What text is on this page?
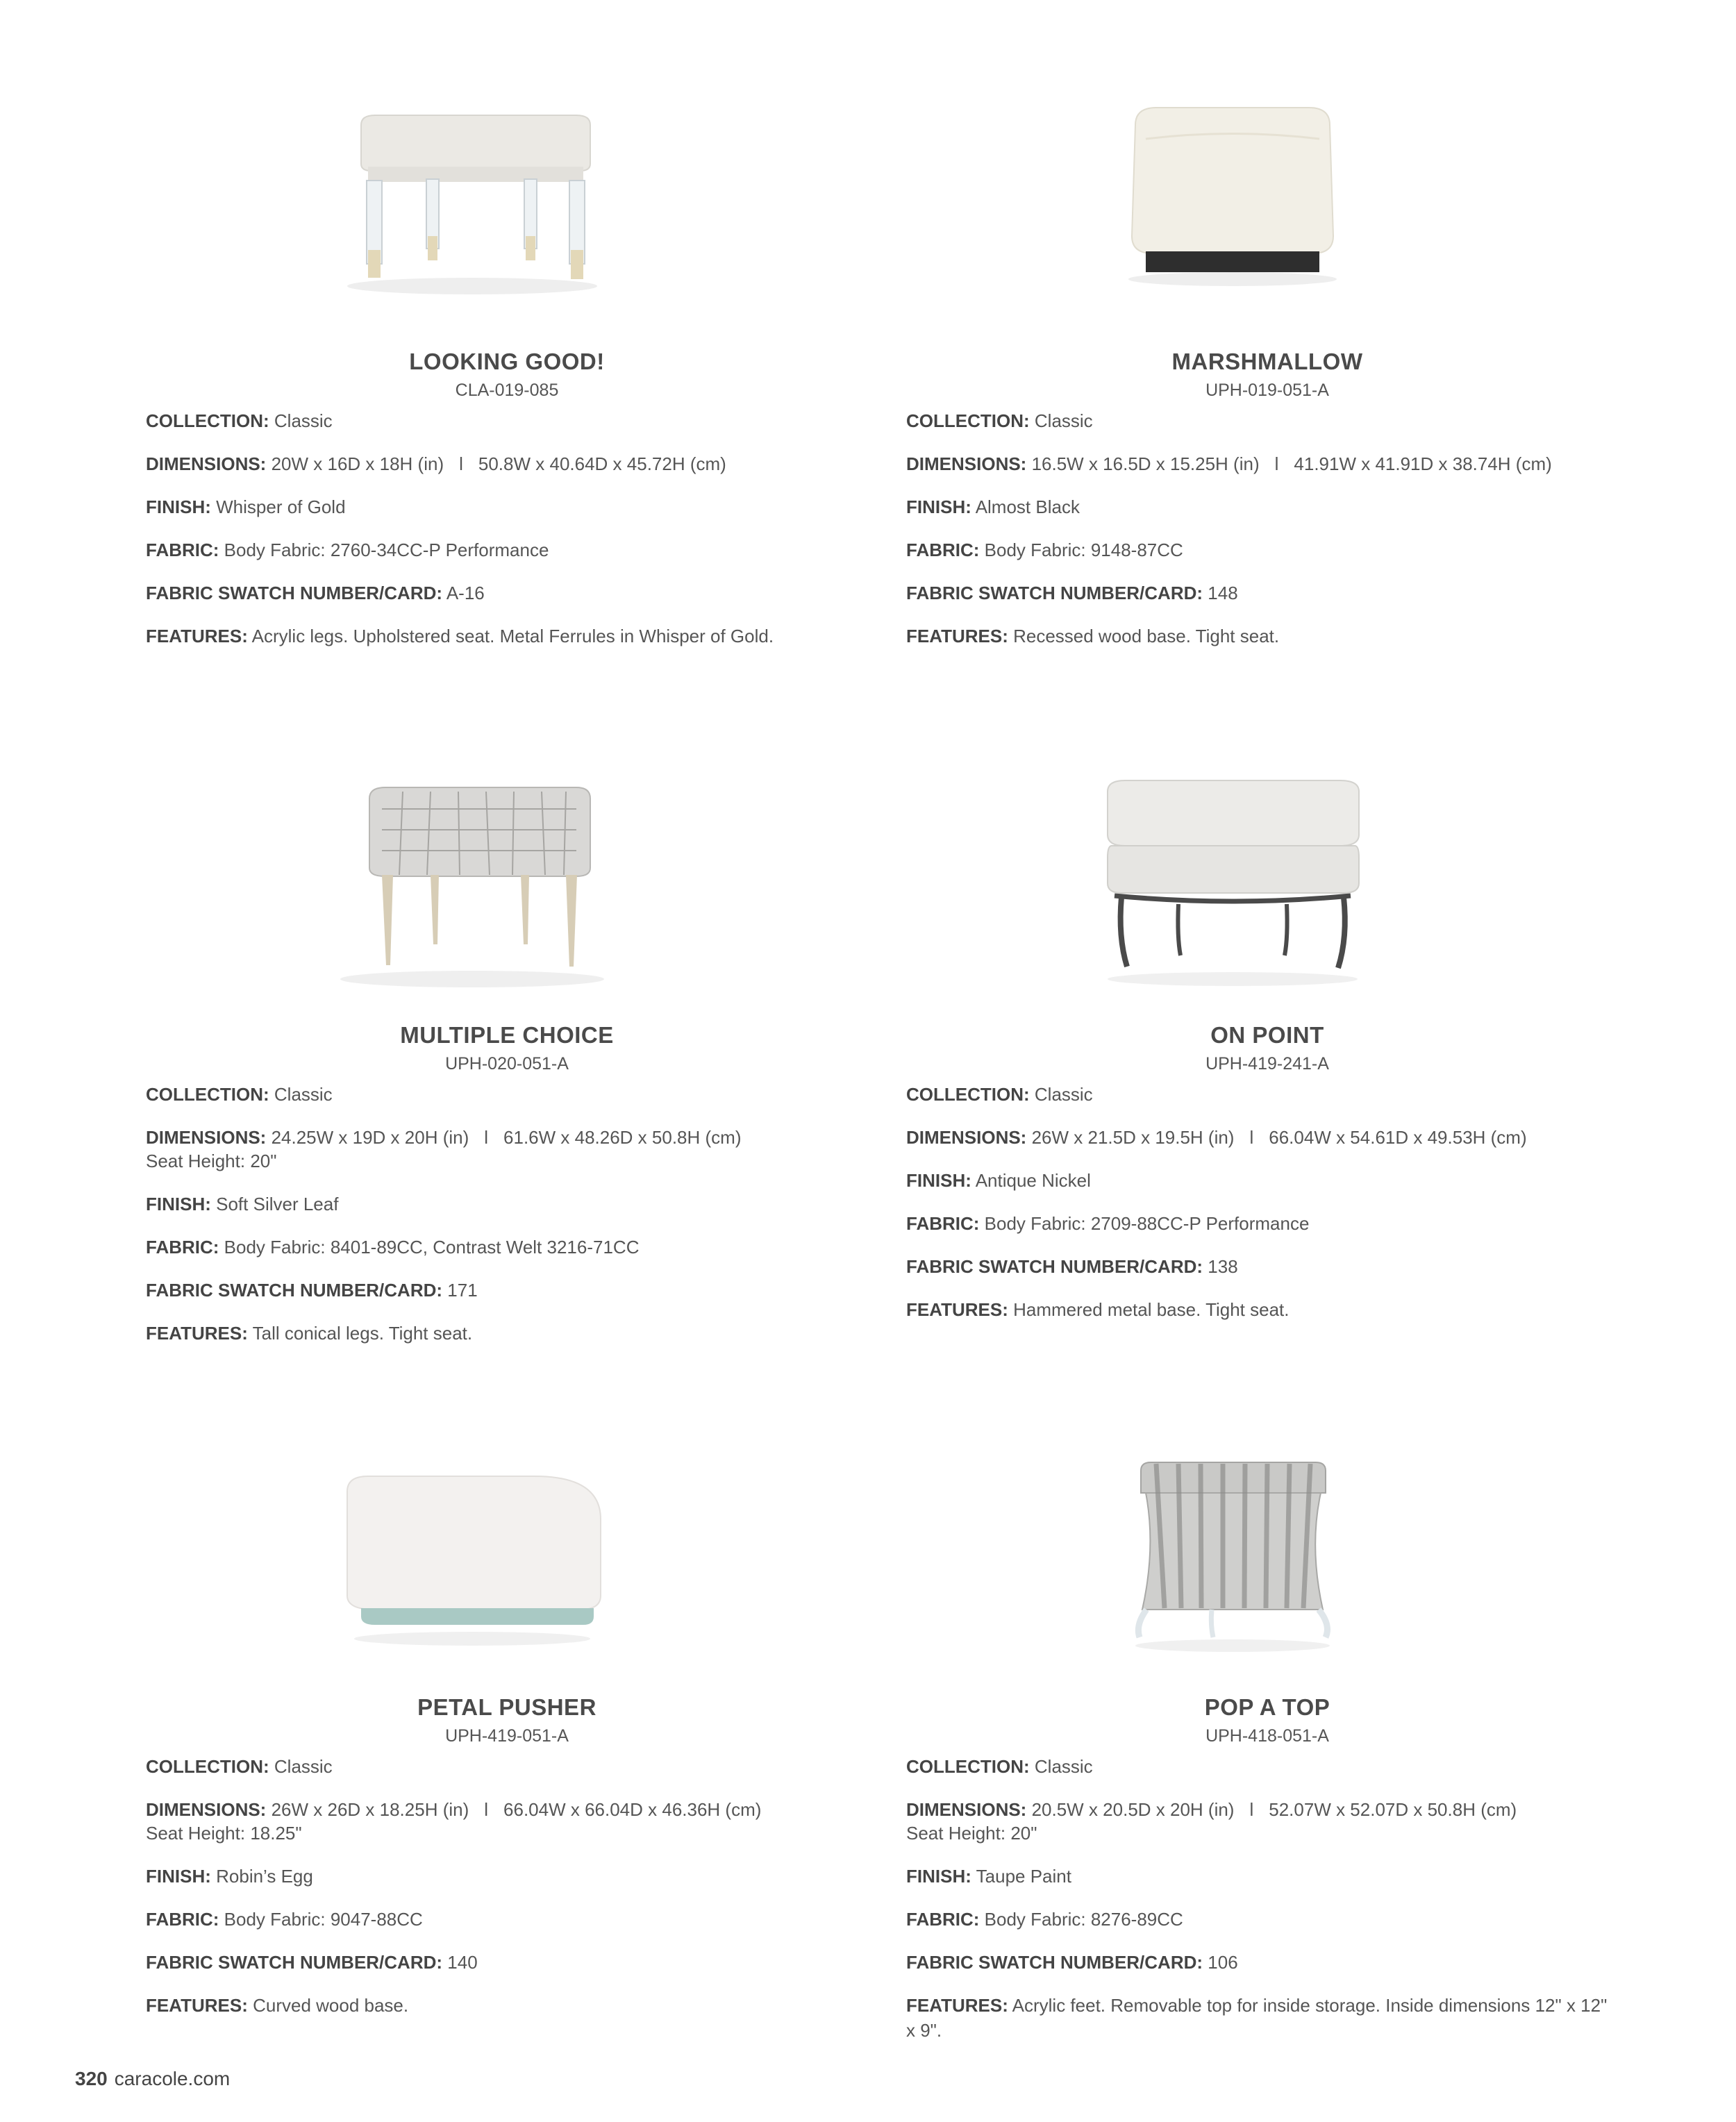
LOOKING GOOD!
CLA-019-085
COLLECTION: Classic
DIMENSIONS: 20W x 16D x 18H (in) l 50.8W x 40.64D x 45.72H (cm)
FINISH: Whisper of Gold
FABRIC: Body Fabric: 2760-34CC-P Performance
FABRIC SWATCH NUMBER/CARD: A-16
FEATURES: Acrylic legs. Upholstered seat. Metal Ferrules in Whisper of Gold.
MARSHMALLOW
UPH-019-051-A
COLLECTION: Classic
DIMENSIONS: 16.5W x 16.5D x 15.25H (in) l 41.91W x 41.91D x 38.74H (cm)
FINISH: Almost Black
FABRIC: Body Fabric: 9148-87CC
FABRIC SWATCH NUMBER/CARD: 148
FEATURES: Recessed wood base. Tight seat.
MULTIPLE CHOICE
UPH-020-051-A
COLLECTION: Classic
DIMENSIONS: 24.25W x 19D x 20H (in) l 61.6W x 48.26D x 50.8H (cm)
Seat Height: 20"
FINISH: Soft Silver Leaf
FABRIC: Body Fabric: 8401-89CC, Contrast Welt 3216-71CC
FABRIC SWATCH NUMBER/CARD: 171
FEATURES: Tall conical legs. Tight seat.
ON POINT
UPH-419-241-A
COLLECTION: Classic
DIMENSIONS: 26W x 21.5D x 19.5H (in) l 66.04W x 54.61D x 49.53H (cm)
FINISH: Antique Nickel
FABRIC: Body Fabric: 2709-88CC-P Performance
FABRIC SWATCH NUMBER/CARD: 138
FEATURES: Hammered metal base. Tight seat.
PETAL PUSHER
UPH-419-051-A
COLLECTION: Classic
DIMENSIONS: 26W x 26D x 18.25H (in) l 66.04W x 66.04D x 46.36H (cm)
Seat Height: 18.25"
FINISH: Robin’s Egg
FABRIC: Body Fabric: 9047-88CC
FABRIC SWATCH NUMBER/CARD: 140
FEATURES: Curved wood base.
POP A TOP
UPH-418-051-A
COLLECTION: Classic
DIMENSIONS: 20.5W x 20.5D x 20H (in) l 52.07W x 52.07D x 50.8H (cm)
Seat Height: 20"
FINISH: Taupe Paint
FABRIC: Body Fabric: 8276-89CC
FABRIC SWATCH NUMBER/CARD: 106
FEATURES: Acrylic feet. Removable top for inside storage. Inside dimensions 12" x 12" x 9".
320 caracole.com
